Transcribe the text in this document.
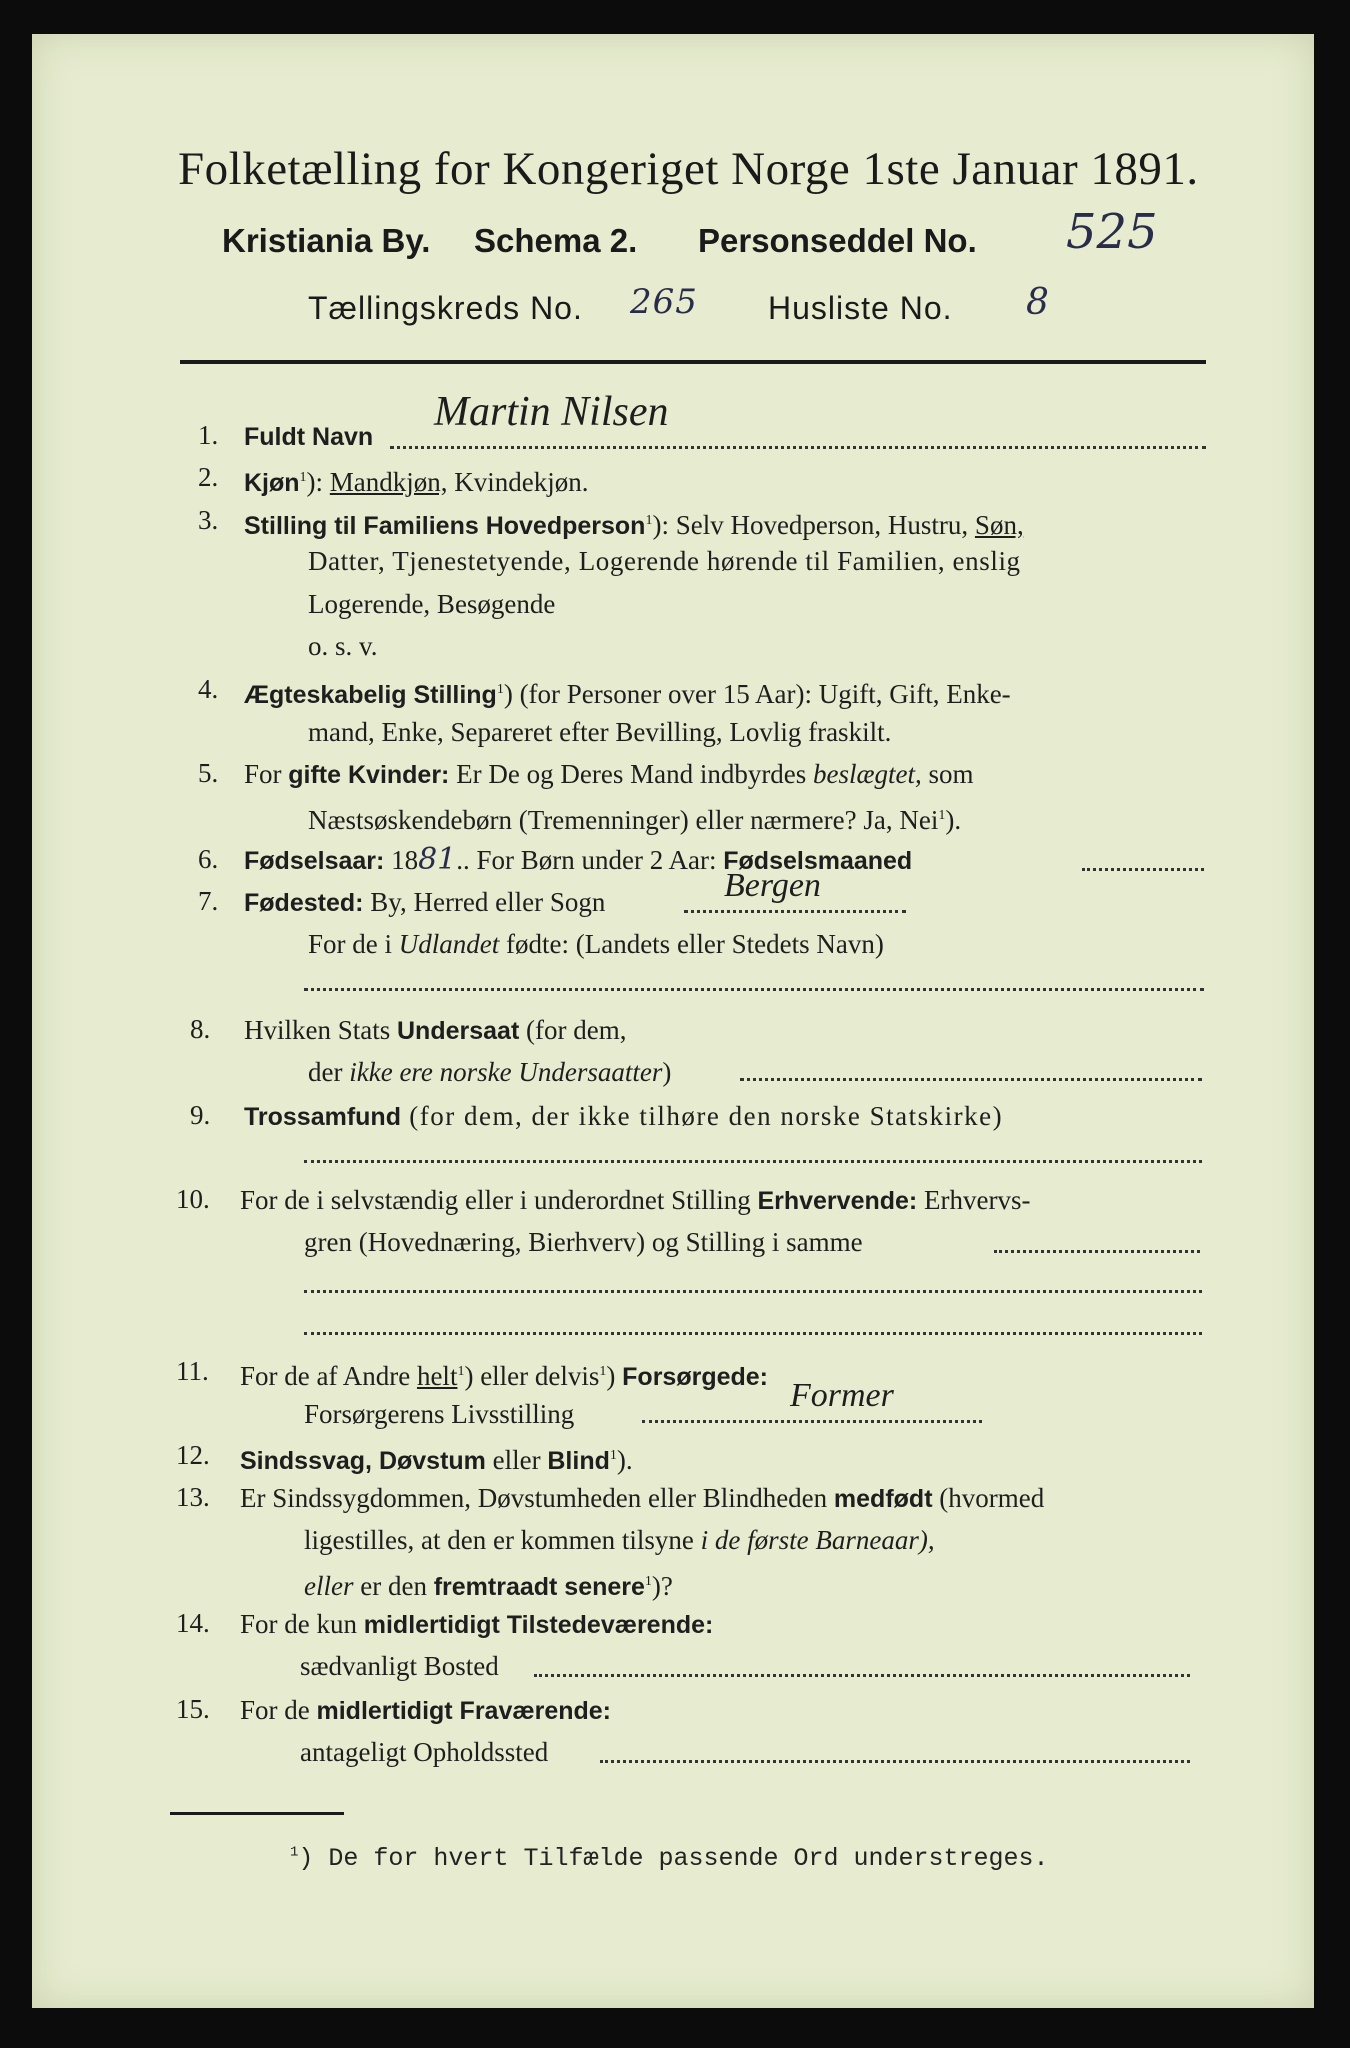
Folketælling for Kongeriget Norge 1ste Januar 1891.
Kristiania By. Schema 2. Personseddel No. 525
Tællingskreds No. 265 Husliste No. 8
1. Fuldt Navn
Martin Nilsen
2. Kjøn$^1$): Mandkjøn, Kvindekjøn.
3. Stilling til Familiens Hovedperson$^1$): Selv Hovedperson, Hustru, Søn,
Datter, Tjenestetyende, Logerende hørende til Familien, enslig
Logerende, Besøgende
o. s. v.
4. Ægteskabelig Stilling$^1$) (for Personer over 15 Aar): Ugift, Gift, Enke-
mand, Enke, Separeret efter Bevilling, Lovlig fraskilt.
5. For gifte Kvinder: Er De og Deres Mand indbyrdes beslægtet, som
Næstsøskendebørn (Tremenninger) eller nærmere? Ja, Nei$^1$).
6. Fødselsaar: 1881.. For Børn under 2 Aar: Fødselsmaaned
7. Fødested: By, Herred eller Sogn	Bergen
For de i Udlandet fødte: (Landets eller Stedets Navn)
8. Hvilken Stats Undersaat (for dem,
der ikke ere norske Undersaatter)
9. Trossamfund (for dem, der ikke tilhøre den norske Statskirke)
10. For de i selvstændig eller i underordnet Stilling Erhvervende: Erhvervs-
gren (Hovednæring, Bierhverv) og Stilling i samme
11. For de af Andre helt$^1$) eller delvis$^1$) Forsørgede:
Forsørgerens Livsstilling	Former
12. Sindssvag, Døvstum eller Blind$^1$).
13. Er Sindssygdommen, Døvstumheden eller Blindheden medfødt (hvormed
ligestilles, at den er kommen tilsyne i de første Barneaar),
eller er den fremtraadt senere$^1$)?
14. For de kun midlertidigt Tilstedeværende:
sædvanligt Bosted
15. For de midlertidigt Fraværende:
antageligt Opholdssted
$^1$) De for hvert Tilfælde passende Ord understreges.
